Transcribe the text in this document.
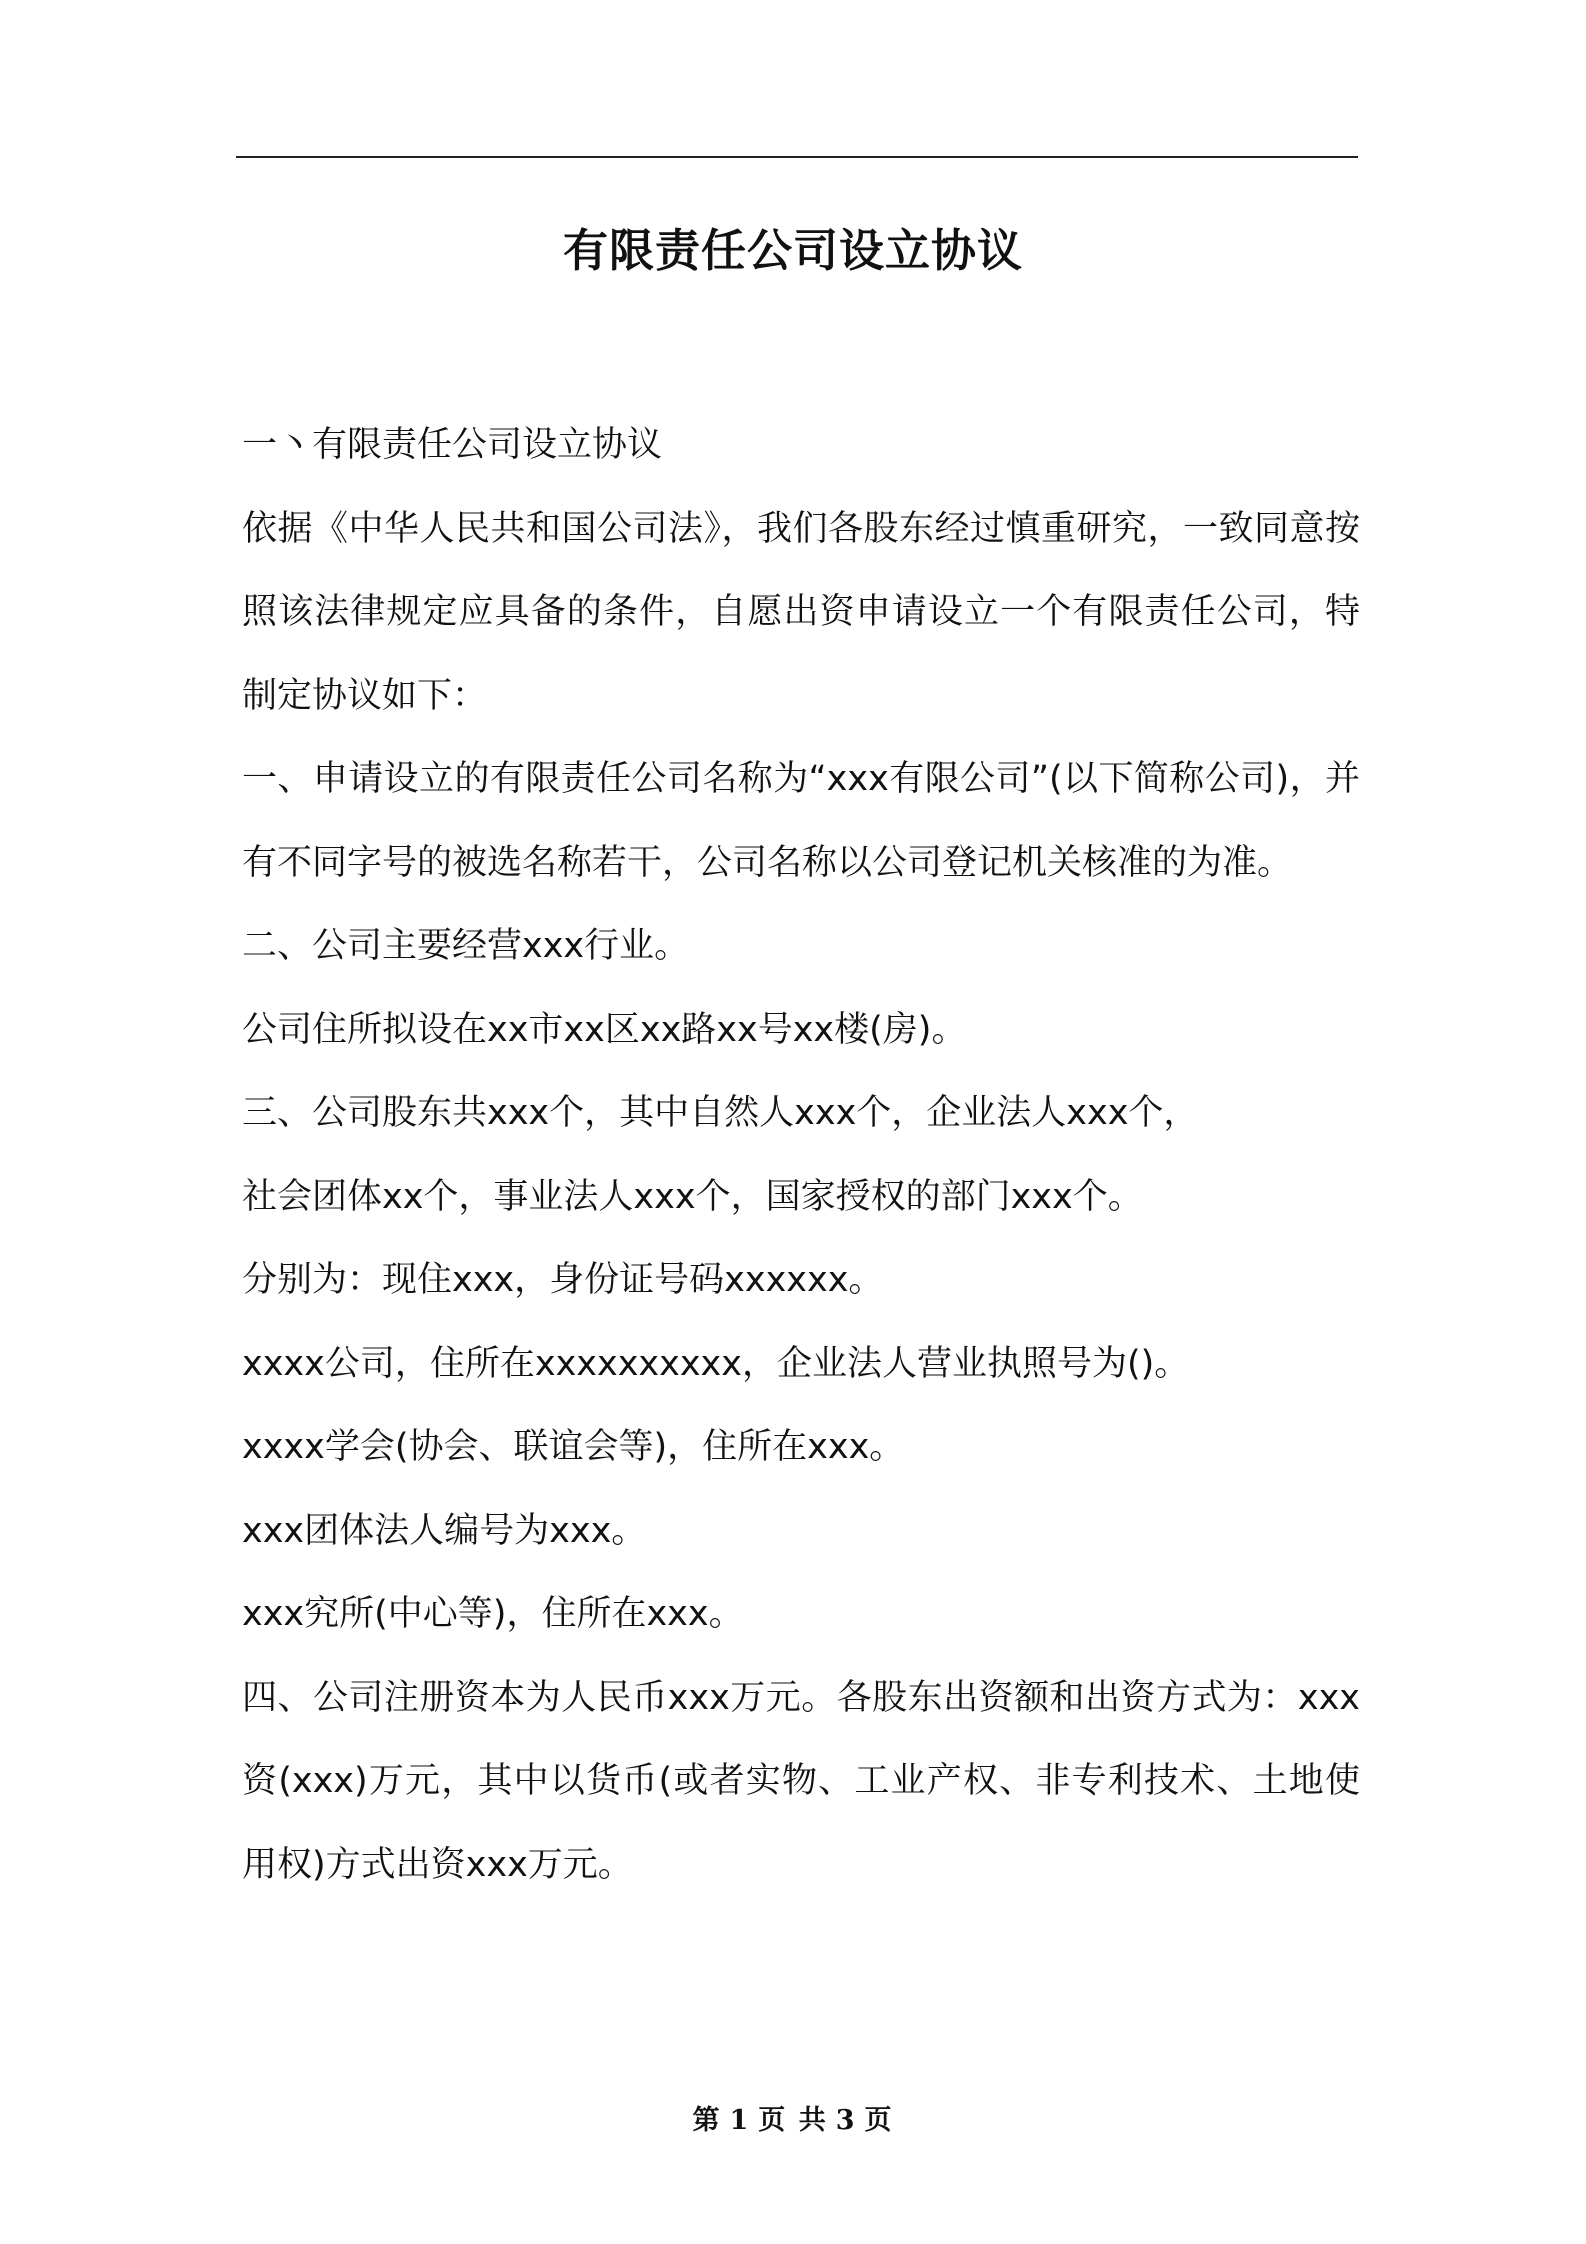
有限责任公司设立协议

一丶有限责任公司设立协议

依据《中华人民共和国公司法》，我们各股东经过慎重研究，一致同意按照该法律规定应具备的条件，自愿出资申请设立一个有限责任公司，特制定协议如下：

一、申请设立的有限责任公司名称为“xxx有限公司”(以下简称公司)，并有不同字号的被选名称若干，公司名称以公司登记机关核准的为准。

二、公司主要经营xxx行业。

公司住所拟设在xx市xx区xx路xx号xx楼(房)。

三、公司股东共xxx个，其中自然人xxx个，企业法人xxx个，

社会团体xx个，事业法人xxx个，国家授权的部门xxx个。

分别为：现住xxx，身份证号码xxxxxx。

xxxx公司，住所在xxxxxxxxxx，企业法人营业执照号为()。

xxxx学会(协会、联谊会等)，住所在xxx。

xxx团体法人编号为xxx。

xxx究所(中心等)，住所在xxx。

四、公司注册资本为人民币xxx万元。各股东出资额和出资方式为：xxx资(xxx)万元，其中以货币(或者实物、工业产权、非专利技术、土地使用权)方式出资xxx万元。

第 1 页 共 3 页
